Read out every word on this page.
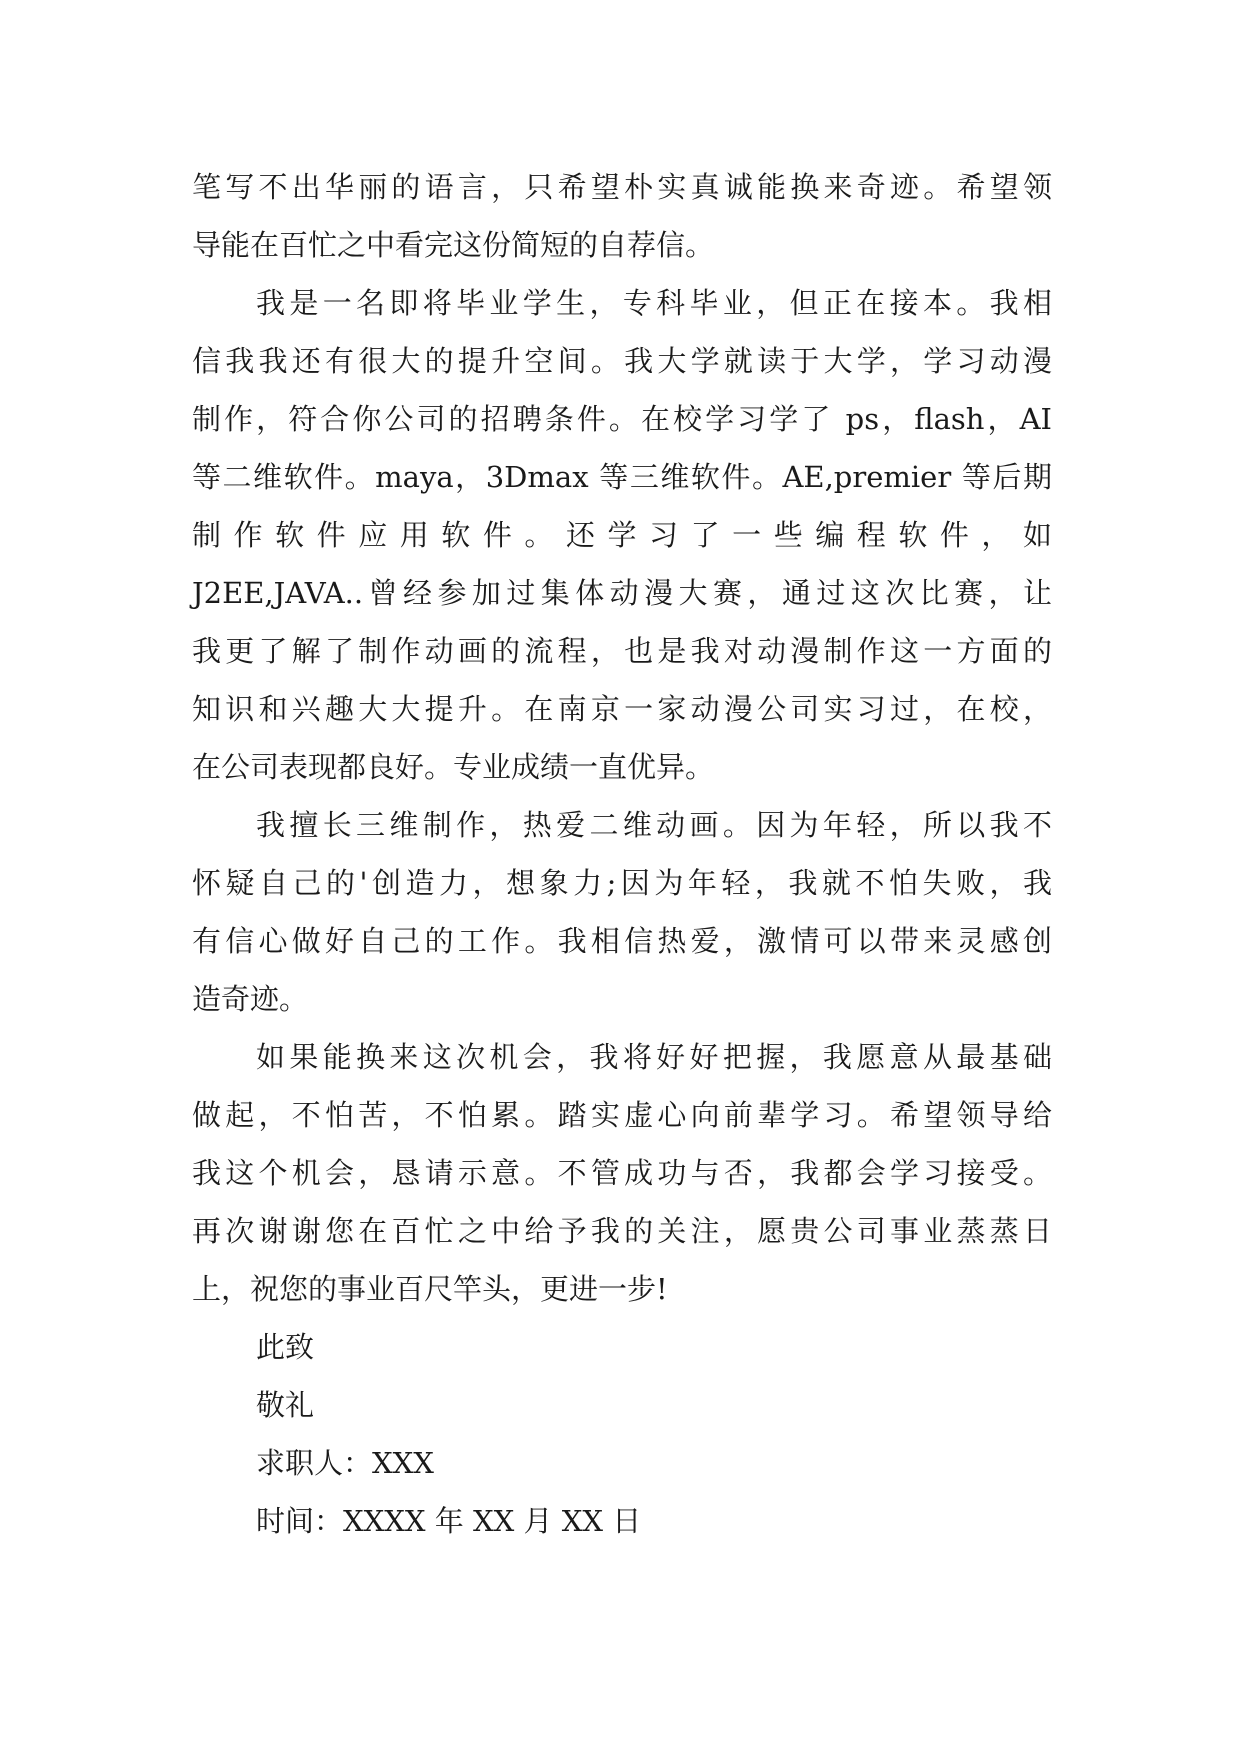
笔写不出华丽的语言，只希望朴实真诚能换来奇迹。希望领
导能在百忙之中看完这份简短的自荐信。
我是一名即将毕业学生，专科毕业，但正在接本。我相
信我我还有很大的提升空间。我大学就读于大学，学习动漫
制作，符合你公司的招聘条件。在校学习学了 ps，flash，AI
等二维软件。maya，3Dmax 等三维软件。AE,premier 等后期
制作软件应用软件。还学习了一些编程软件，如
J2EE,JAVA..曾经参加过集体动漫大赛，通过这次比赛，让
我更了解了制作动画的流程，也是我对动漫制作这一方面的
知识和兴趣大大提升。在南京一家动漫公司实习过，在校，
在公司表现都良好。专业成绩一直优异。
我擅长三维制作，热爱二维动画。因为年轻，所以我不
怀疑自己的'创造力，想象力;因为年轻，我就不怕失败，我
有信心做好自己的工作。我相信热爱，激情可以带来灵感创
造奇迹。
如果能换来这次机会，我将好好把握，我愿意从最基础
做起，不怕苦，不怕累。踏实虚心向前辈学习。希望领导给
我这个机会，恳请示意。不管成功与否，我都会学习接受。
再次谢谢您在百忙之中给予我的关注，愿贵公司事业蒸蒸日
上，祝您的事业百尺竿头，更进一步!
此致
敬礼
求职人：XXX
时间：XXXX 年 XX 月 XX 日
